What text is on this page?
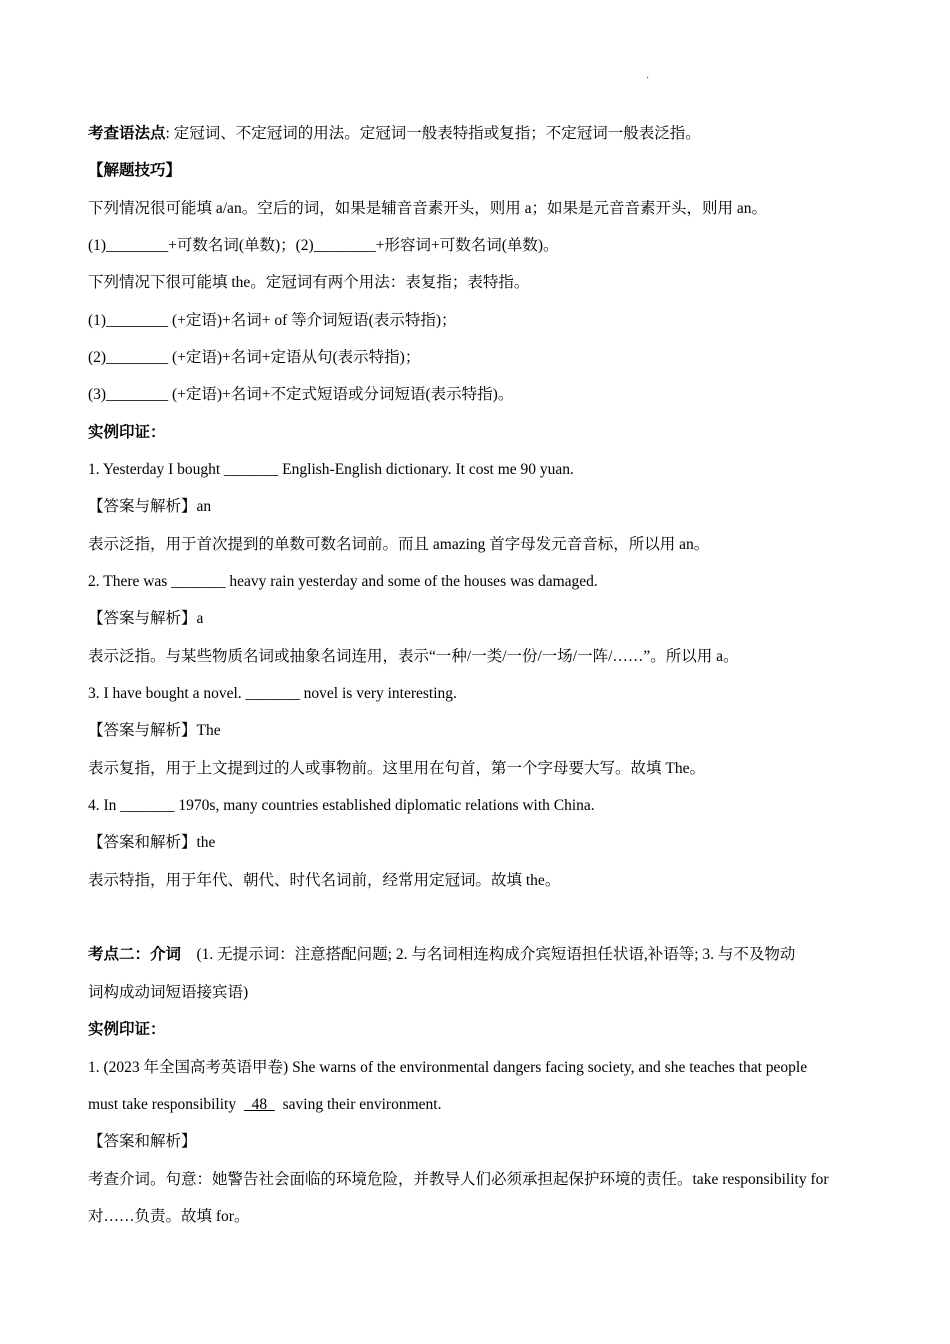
·
考查语法点: 定冠词、不定冠词的用法。定冠词一般表特指或复指；不定冠词一般表泛指。
【解题技巧】
下列情况很可能填 a/an。空后的词，如果是辅音音素开头，则用 a；如果是元音音素开头，则用 an。
(1)________+可数名词(单数)；(2)________+形容词+可数名词(单数)。
下列情况下很可能填 the。定冠词有两个用法：表复指；表特指。
(1)________ (+定语)+名词+ of 等介词短语(表示特指)；
(2)________ (+定语)+名词+定语从句(表示特指)；
(3)________ (+定语)+名词+不定式短语或分词短语(表示特指)。
实例印证：
1. Yesterday I bought _______ English-English dictionary. It cost me 90 yuan.
【答案与解析】an
表示泛指，用于首次提到的单数可数名词前。而且 amazing 首字母发元音音标，所以用 an。
2. There was _______ heavy rain yesterday and some of the houses was damaged.
【答案与解析】a
表示泛指。与某些物质名词或抽象名词连用，表示“一种/一类/一份/一场/一阵/……”。所以用 a。
3. I have bought a novel. _______ novel is very interesting.
【答案与解析】The
表示复指，用于上文提到过的人或事物前。这里用在句首，第一个字母要大写。故填 The。
4. In _______ 1970s, many countries established diplomatic relations with China.
【答案和解析】the
表示特指，用于年代、朝代、时代名词前，经常用定冠词。故填 the。
考点二：介词 (1. 无提示词：注意搭配问题; 2. 与名词相连构成介宾短语担任状语,补语等; 3. 与不及物动
词构成动词短语接宾语)
实例印证：
1. (2023 年全国高考英语甲卷) She warns of the environmental dangers facing society, and she teaches that people
must take responsibility    48    saving their environment.
【答案和解析】
考查介词。句意：她警告社会面临的环境危险，并教导人们必须承担起保护环境的责任。take responsibility for
对……负责。故填 for。
